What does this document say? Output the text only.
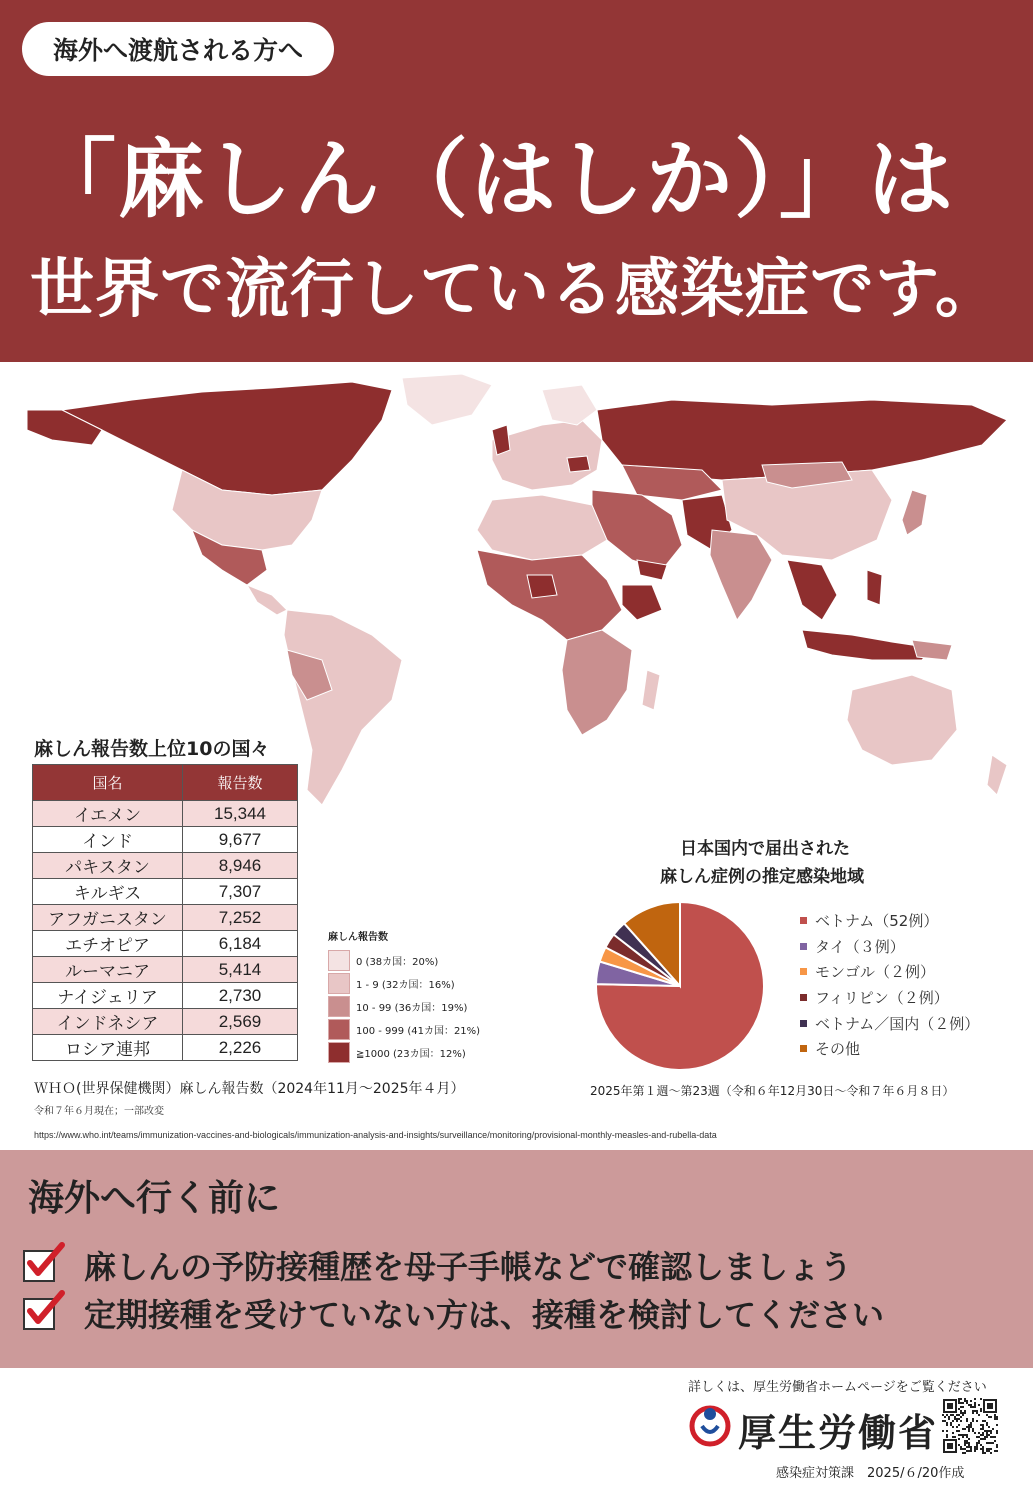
海外へ渡航される方へ
「麻しん（はしか）」は
世界で流行している感染症です。
麻しん報告数上位10の国々
国名	報告数
イエメン	15,344
インド	9,677
パキスタン	8,946
キルギス	7,307
アフガニスタン	7,252
エチオピア	6,184
ルーマニア	5,414
ナイジェリア	2,730
インドネシア	2,569
ロシア連邦	2,226
ＷＨＯ(世界保健機関）麻しん報告数（2024年11月～2025年４月）
令和７年６月現在；一部改変
https://www.who.int/teams/immunization-vaccines-and-biologicals/immunization-analysis-and-insights/surveillance/monitoring/provisional-monthly-measles-and-rubella-data
麻しん報告数
0 (38カ国：20%)
1 - 9 (32カ国：16%)
10 - 99 (36カ国：19%)
100 - 999 (41カ国：21%)
≧1000 (23カ国：12%)
日本国内で届出された
麻しん症例の推定感染地域
ベトナム（52例）
タイ（３例）
モンゴル（２例）
フィリピン（２例）
ベトナム／国内（２例）
その他
2025年第１週～第23週（令和６年12月30日～令和７年６月８日）
海外へ行く前に
麻しんの予防接種歴を母子手帳などで確認しましょう
定期接種を受けていない方は、接種を検討してください
詳しくは、厚生労働省ホームページをご覧ください
厚生労働省
感染症対策課　2025/６/20作成
